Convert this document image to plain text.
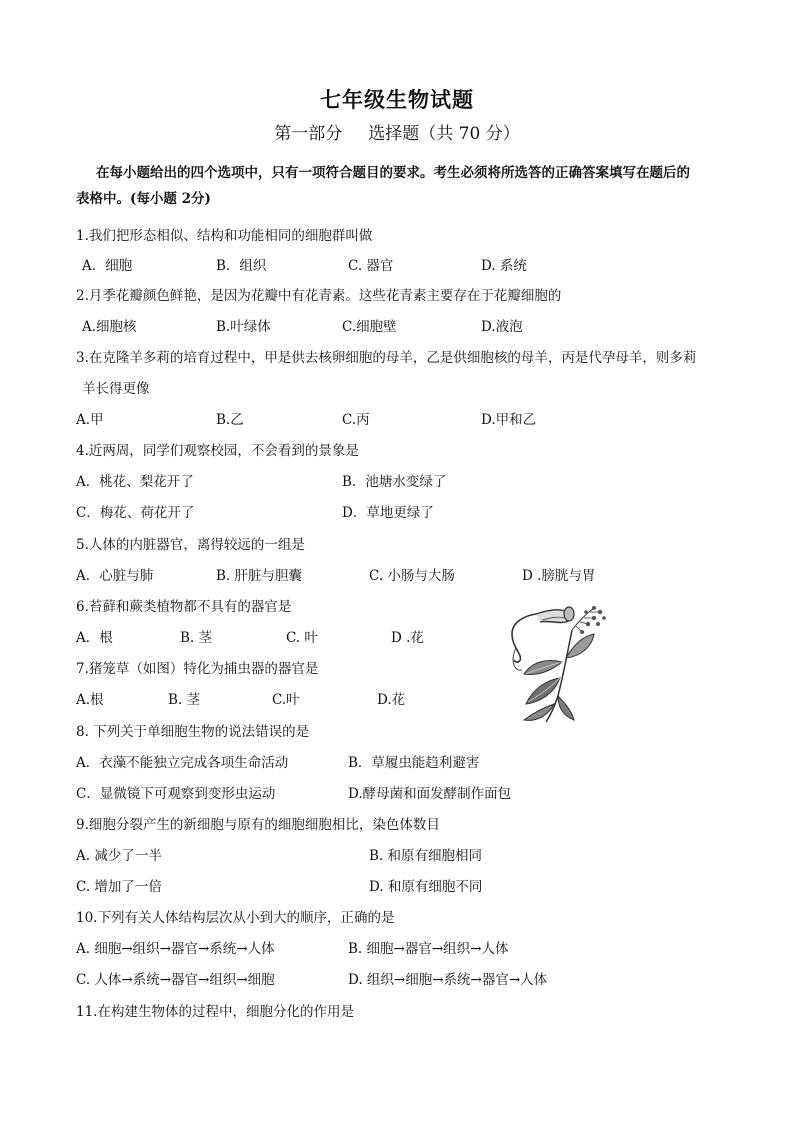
七年级生物试题
第一部分 选择题（共 70 分）
在每小题给出的四个选项中，只有一项符合题目的要求。考生必须将所选答的正确答案填写在题后的
表格中。(每小题 2分)
1.我们把形态相似、结构和功能相同的细胞群叫做
A．细胞	B．组织	C. 器官	D. 系统
2.月季花瓣颜色鲜艳，是因为花瓣中有花青素。这些花青素主要存在于花瓣细胞的
A.细胞核	B.叶绿体	C.细胞壁	D.液泡
3.在克隆羊多莉的培育过程中，甲是供去核卵细胞的母羊，乙是供细胞核的母羊，丙是代孕母羊，则多莉
羊长得更像
A.甲	B.乙	C.丙	D.甲和乙
4.近两周，同学们观察校园，不会看到的景象是
A．桃花、梨花开了	B．池塘水变绿了
C．梅花、荷花开了	D．草地更绿了
5.人体的内脏器官，离得较远的一组是
A．心脏与肺	B. 肝脏与胆囊	C. 小肠与大肠	D .膀胱与胃
6.苔藓和蕨类植物都不具有的器官是
A．根	B. 茎	C. 叶	D .花
7.猪笼草（如图）特化为捕虫器的器官是
A.根	B. 茎	C.叶	D.花
8. 下列关于单细胞生物的说法错误的是
A．衣藻不能独立完成各项生命活动	B．草履虫能趋利避害
C．显微镜下可观察到变形虫运动	D.酵母菌和面发酵制作面包
9.细胞分裂产生的新细胞与原有的细胞细胞相比，染色体数目
A. 减少了一半	B. 和原有细胞相同
C. 增加了一倍	D. 和原有细胞不同
10.下列有关人体结构层次从小到大的顺序，正确的是
A. 细胞→组织→器官→系统→人体	B. 细胞→器官→组织→人体
C. 人体→系统→器官→组织→细胞	D. 组织→细胞→系统→器官→人体
11.在构建生物体的过程中，细胞分化的作用是
